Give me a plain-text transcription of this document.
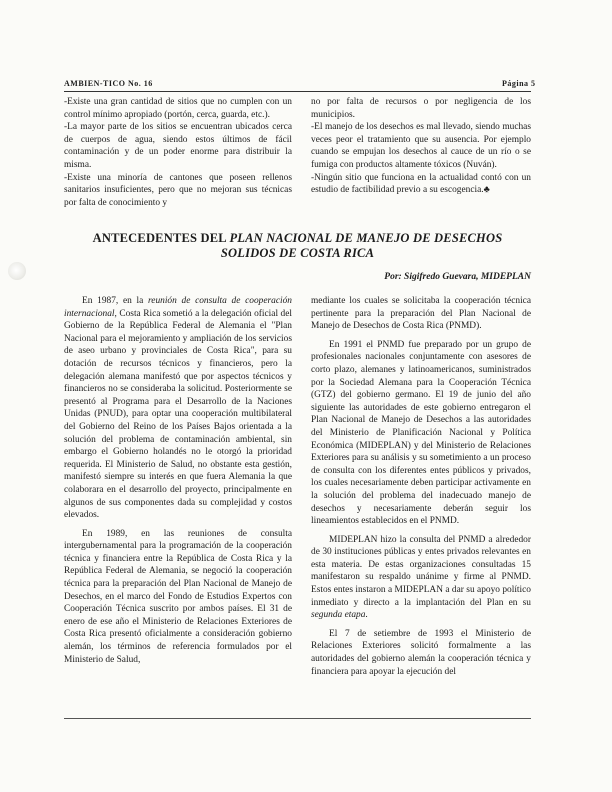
AMBIEN-TICO No. 16	Página 5

-Existe una gran cantidad de sitios que no cumplen con un control mínimo apropiado (portón, cerca, guarda, etc.).

-La mayor parte de los sitios se encuentran ubicados cerca de cuerpos de agua, siendo estos últimos de fácil contaminación y de un poder enorme para distribuir la misma.

-Existe una minoría de cantones que poseen rellenos sanitarios insuficientes, pero que no mejoran sus técnicas por falta de conocimiento y

no por falta de recursos o por negligencia de los municipios.

-El manejo de los desechos es mal llevado, siendo muchas veces peor el tratamiento que su ausencia. Por ejemplo cuando se empujan los desechos al cauce de un río o se fumiga con productos altamente tóxicos (Nuván).

-Ningún sitio que funciona en la actualidad contó con un estudio de factibilidad previo a su escogencia.♣

ANTECEDENTES DEL PLAN NACIONAL DE MANEJO DE DESECHOS SOLIDOS DE COSTA RICA
Por: Sigifredo Guevara, MIDEPLAN

En 1987, en la reunión de consulta de cooperación internacional, Costa Rica sometió a la delegación oficial del Gobierno de la República Federal de Alemania el "Plan Nacional para el mejoramiento y ampliación de los servicios de aseo urbano y provinciales de Costa Rica", para su dotación de recursos técnicos y financieros, pero la delegación alemana manifestó que por aspectos técnicos y financieros no se consideraba la solicitud. Posteriormente se presentó al Programa para el Desarrollo de la Naciones Unidas (PNUD), para optar una cooperación multibilateral del Gobierno del Reino de los Países Bajos orientada a la solución del problema de contaminación ambiental, sin embargo el Gobierno holandés no le otorgó la prioridad requerida. El Ministerio de Salud, no obstante esta gestión, manifestó siempre su interés en que fuera Alemania la que colaborara en el desarrollo del proyecto, principalmente en algunos de sus componentes dada su complejidad y costos elevados.

En 1989, en las reuniones de consulta intergubernamental para la programación de la cooperación técnica y financiera entre la República de Costa Rica y la República Federal de Alemania, se negoció la cooperación técnica para la preparación del Plan Nacional de Manejo de Desechos, en el marco del Fondo de Estudios Expertos con Cooperación Técnica suscrito por ambos países. El 31 de enero de ese año el Ministerio de Relaciones Exteriores de Costa Rica presentó oficialmente a consideración gobierno alemán, los términos de referencia formulados por el Ministerio de Salud,

mediante los cuales se solicitaba la cooperación técnica pertinente para la preparación del Plan Nacional de Manejo de Desechos de Costa Rica (PNMD).

En 1991 el PNMD fue preparado por un grupo de profesionales nacionales conjuntamente con asesores de corto plazo, alemanes y latinoamericanos, suministrados por la Sociedad Alemana para la Cooperación Técnica (GTZ) del gobierno germano. El 19 de junio del año siguiente las autoridades de este gobierno entregaron el Plan Nacional de Manejo de Desechos a las autoridades del Ministerio de Planificación Nacional y Política Económica (MIDEPLAN) y del Ministerio de Relaciones Exteriores para su análisis y su sometimiento a un proceso de consulta con los diferentes entes públicos y privados, los cuales necesariamente deben participar activamente en la solución del problema del inadecuado manejo de desechos y necesariamente deberán seguir los lineamientos establecidos en el PNMD.

MIDEPLAN hizo la consulta del PNMD a alrededor de 30 instituciones públicas y entes privados relevantes en esta materia. De estas organizaciones consultadas 15 manifestaron su respaldo unánime y firme al PNMD. Estos entes instaron a MIDEPLAN a dar su apoyo político inmediato y directo a la implantación del Plan en su segunda etapa.

El 7 de setiembre de 1993 el Ministerio de Relaciones Exteriores solicitó formalmente a las autoridades del gobierno alemán la cooperación técnica y financiera para apoyar la ejecución del
